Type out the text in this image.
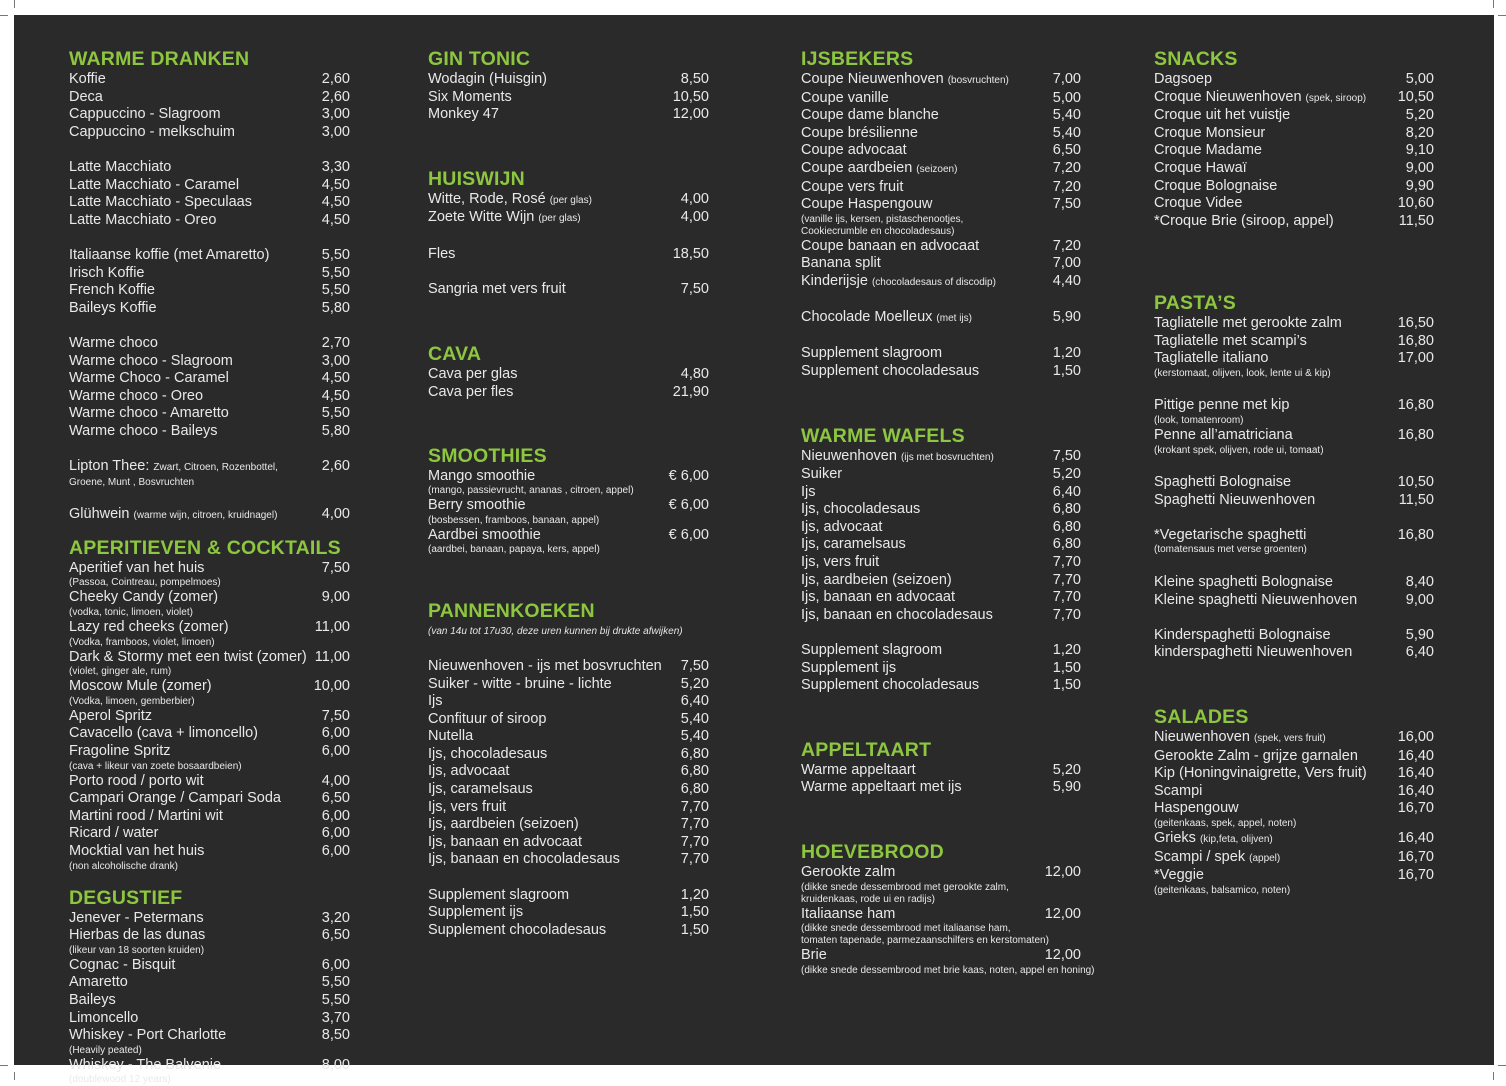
WARME DRANKEN
Koffie	2,60
Deca	2,60
Cappuccino - Slagroom	3,00
Cappuccino - melkschuim	3,00
Latte Macchiato	3,30
Latte Macchiato - Caramel	4,50
Latte Macchiato - Speculaas	4,50
Latte Macchiato - Oreo	4,50
Italiaanse koffie (met Amaretto)	5,50
Irisch Koffie	5,50
French Koffie	5,50
Baileys Koffie	5,80
Warme choco	2,70
Warme choco - Slagroom	3,00
Warme Choco - Caramel	4,50
Warme choco - Oreo	4,50
Warme choco - Amaretto	5,50
Warme choco - Baileys	5,80
Lipton Thee: Zwart, Citroen, Rozenbottel,	2,60
Groene, Munt , Bosvruchten
Glühwein (warme wijn, citroen, kruidnagel)	4,00
APERITIEVEN & COCKTAILS
Aperitief van het huis	7,50
(Passoa, Cointreau, pompelmoes)
Cheeky Candy (zomer)	9,00
(vodka, tonic, limoen, violet)
Lazy red cheeks (zomer)	11,00
(Vodka, framboos, violet, limoen)
Dark & Stormy met een twist (zomer) 11,00
(violet, ginger ale, rum)
Moscow Mule (zomer)	10,00
(Vodka, limoen, gemberbier)
Aperol Spritz	7,50
Cavacello (cava + limoncello)	6,00
Fragoline Spritz	6,00
(cava + likeur van zoete bosaardbeien)
Porto rood / porto wit	4,00
Campari Orange / Campari Soda	6,50
Martini rood / Martini wit	6,00
Ricard / water	6,00
Mocktial van het huis	6,00
(non alcoholische drank)
DEGUSTIEF
Jenever - Petermans	3,20
Hierbas de las dunas	6,50
(likeur van 18 soorten kruiden)
Cognac - Bisquit	6,00
Amaretto	5,50
Baileys	5,50
Limoncello	3,70
Whiskey - Port Charlotte	8,50
(Heavily peated)
Whiskey - The Balvenie	8,00
(doublewood 12 years)
GIN TONIC
Wodagin (Huisgin)	8,50
Six Moments	10,50
Monkey 47	12,00
HUISWIJN
Witte, Rode, Rosé (per glas)	4,00
Zoete Witte Wijn (per glas)	4,00
Fles	18,50
Sangria met vers fruit	7,50
CAVA
Cava per glas	4,80
Cava per fles	21,90
SMOOTHIES
Mango smoothie	€ 6,00
(mango, passievrucht, ananas , citroen, appel)
Berry smoothie	€ 6,00
(bosbessen, framboos, banaan, appel)
Aardbei smoothie	€ 6,00
(aardbei, banaan, papaya, kers, appel)
PANNENKOEKEN
(van 14u tot 17u30, deze uren kunnen bij drukte afwijken)
Nieuwenhoven - ijs met bosvruchten 7,50
Suiker - witte - bruine - lichte	5,20
Ijs	6,40
Confituur of siroop	5,40
Nutella	5,40
Ijs, chocoladesaus	6,80
Ijs, advocaat	6,80
Ijs, caramelsaus	6,80
Ijs, vers fruit	7,70
Ijs, aardbeien (seizoen)	7,70
Ijs, banaan en advocaat	7,70
Ijs, banaan en chocoladesaus	7,70
Supplement slagroom	1,20
Supplement ijs	1,50
Supplement chocoladesaus	1,50
IJSBEKERS
Coupe Nieuwenhoven (bosvruchten)	7,00
Coupe vanille	5,00
Coupe dame blanche	5,40
Coupe brésilienne	5,40
Coupe advocaat	6,50
Coupe aardbeien (seizoen)	7,20
Coupe vers fruit	7,20
Coupe Haspengouw	7,50
(vanille ijs, kersen, pistaschenootjes,
Cookiecrumble en chocoladesaus)
Coupe banaan en advocaat	7,20
Banana split	7,00
Kinderijsje (chocoladesaus of discodip)	4,40
Chocolade Moelleux (met ijs)	5,90
Supplement slagroom	1,20
Supplement chocoladesaus	1,50
WARME WAFELS
Nieuwenhoven (ijs met bosvruchten)	7,50
Suiker	5,20
Ijs	6,40
Ijs, chocoladesaus	6,80
Ijs, advocaat	6,80
Ijs, caramelsaus	6,80
Ijs, vers fruit	7,70
Ijs, aardbeien (seizoen)	7,70
Ijs, banaan en advocaat	7,70
Ijs, banaan en chocoladesaus	7,70
Supplement slagroom	1,20
Supplement ijs	1,50
Supplement chocoladesaus	1,50
APPELTAART
Warme appeltaart	5,20
Warme appeltaart met ijs	5,90
HOEVEBROOD
Gerookte zalm	12,00
(dikke snede dessembrood met gerookte zalm,
kruidenkaas, rode ui en radijs)
Italiaanse ham	12,00
(dikke snede dessembrood met italiaanse ham,
tomaten tapenade, parmezaanschilfers en kerstomaten)
Brie	12,00
(dikke snede dessembrood met brie kaas, noten, appel en honing)
SNACKS
Dagsoep	5,00
Croque Nieuwenhoven (spek, siroop) 10,50
Croque uit het vuistje	5,20
Croque Monsieur	8,20
Croque Madame	9,10
Croque Hawaï	9,00
Croque Bolognaise	9,90
Croque Videe	10,60
*Croque Brie (siroop, appel)	11,50
PASTA’S
Tagliatelle met gerookte zalm	16,50
Tagliatelle met scampi’s	16,80
Tagliatelle italiano	17,00
(kerstomaat, olijven, look, lente ui & kip)
Pittige penne met kip	16,80
(look, tomatenroom)
Penne all’amatriciana	16,80
(krokant spek, olijven, rode ui, tomaat)
Spaghetti Bolognaise	10,50
Spaghetti Nieuwenhoven	11,50
*Vegetarische spaghetti	16,80
(tomatensaus met verse groenten)
Kleine spaghetti Bolognaise	8,40
Kleine spaghetti Nieuwenhoven	9,00
Kinderspaghetti Bolognaise	5,90
kinderspaghetti Nieuwenhoven	6,40
SALADES
Nieuwenhoven (spek, vers fruit)	16,00
Gerookte Zalm - grijze garnalen	16,40
Kip (Honingvinaigrette, Vers fruit) 16,40
Scampi	16,40
Haspengouw	16,70
(geitenkaas, spek, appel, noten)
Grieks (kip,feta, olijven)	16,40
Scampi / spek (appel)	16,70
*Veggie	16,70
(geitenkaas, balsamico, noten)
